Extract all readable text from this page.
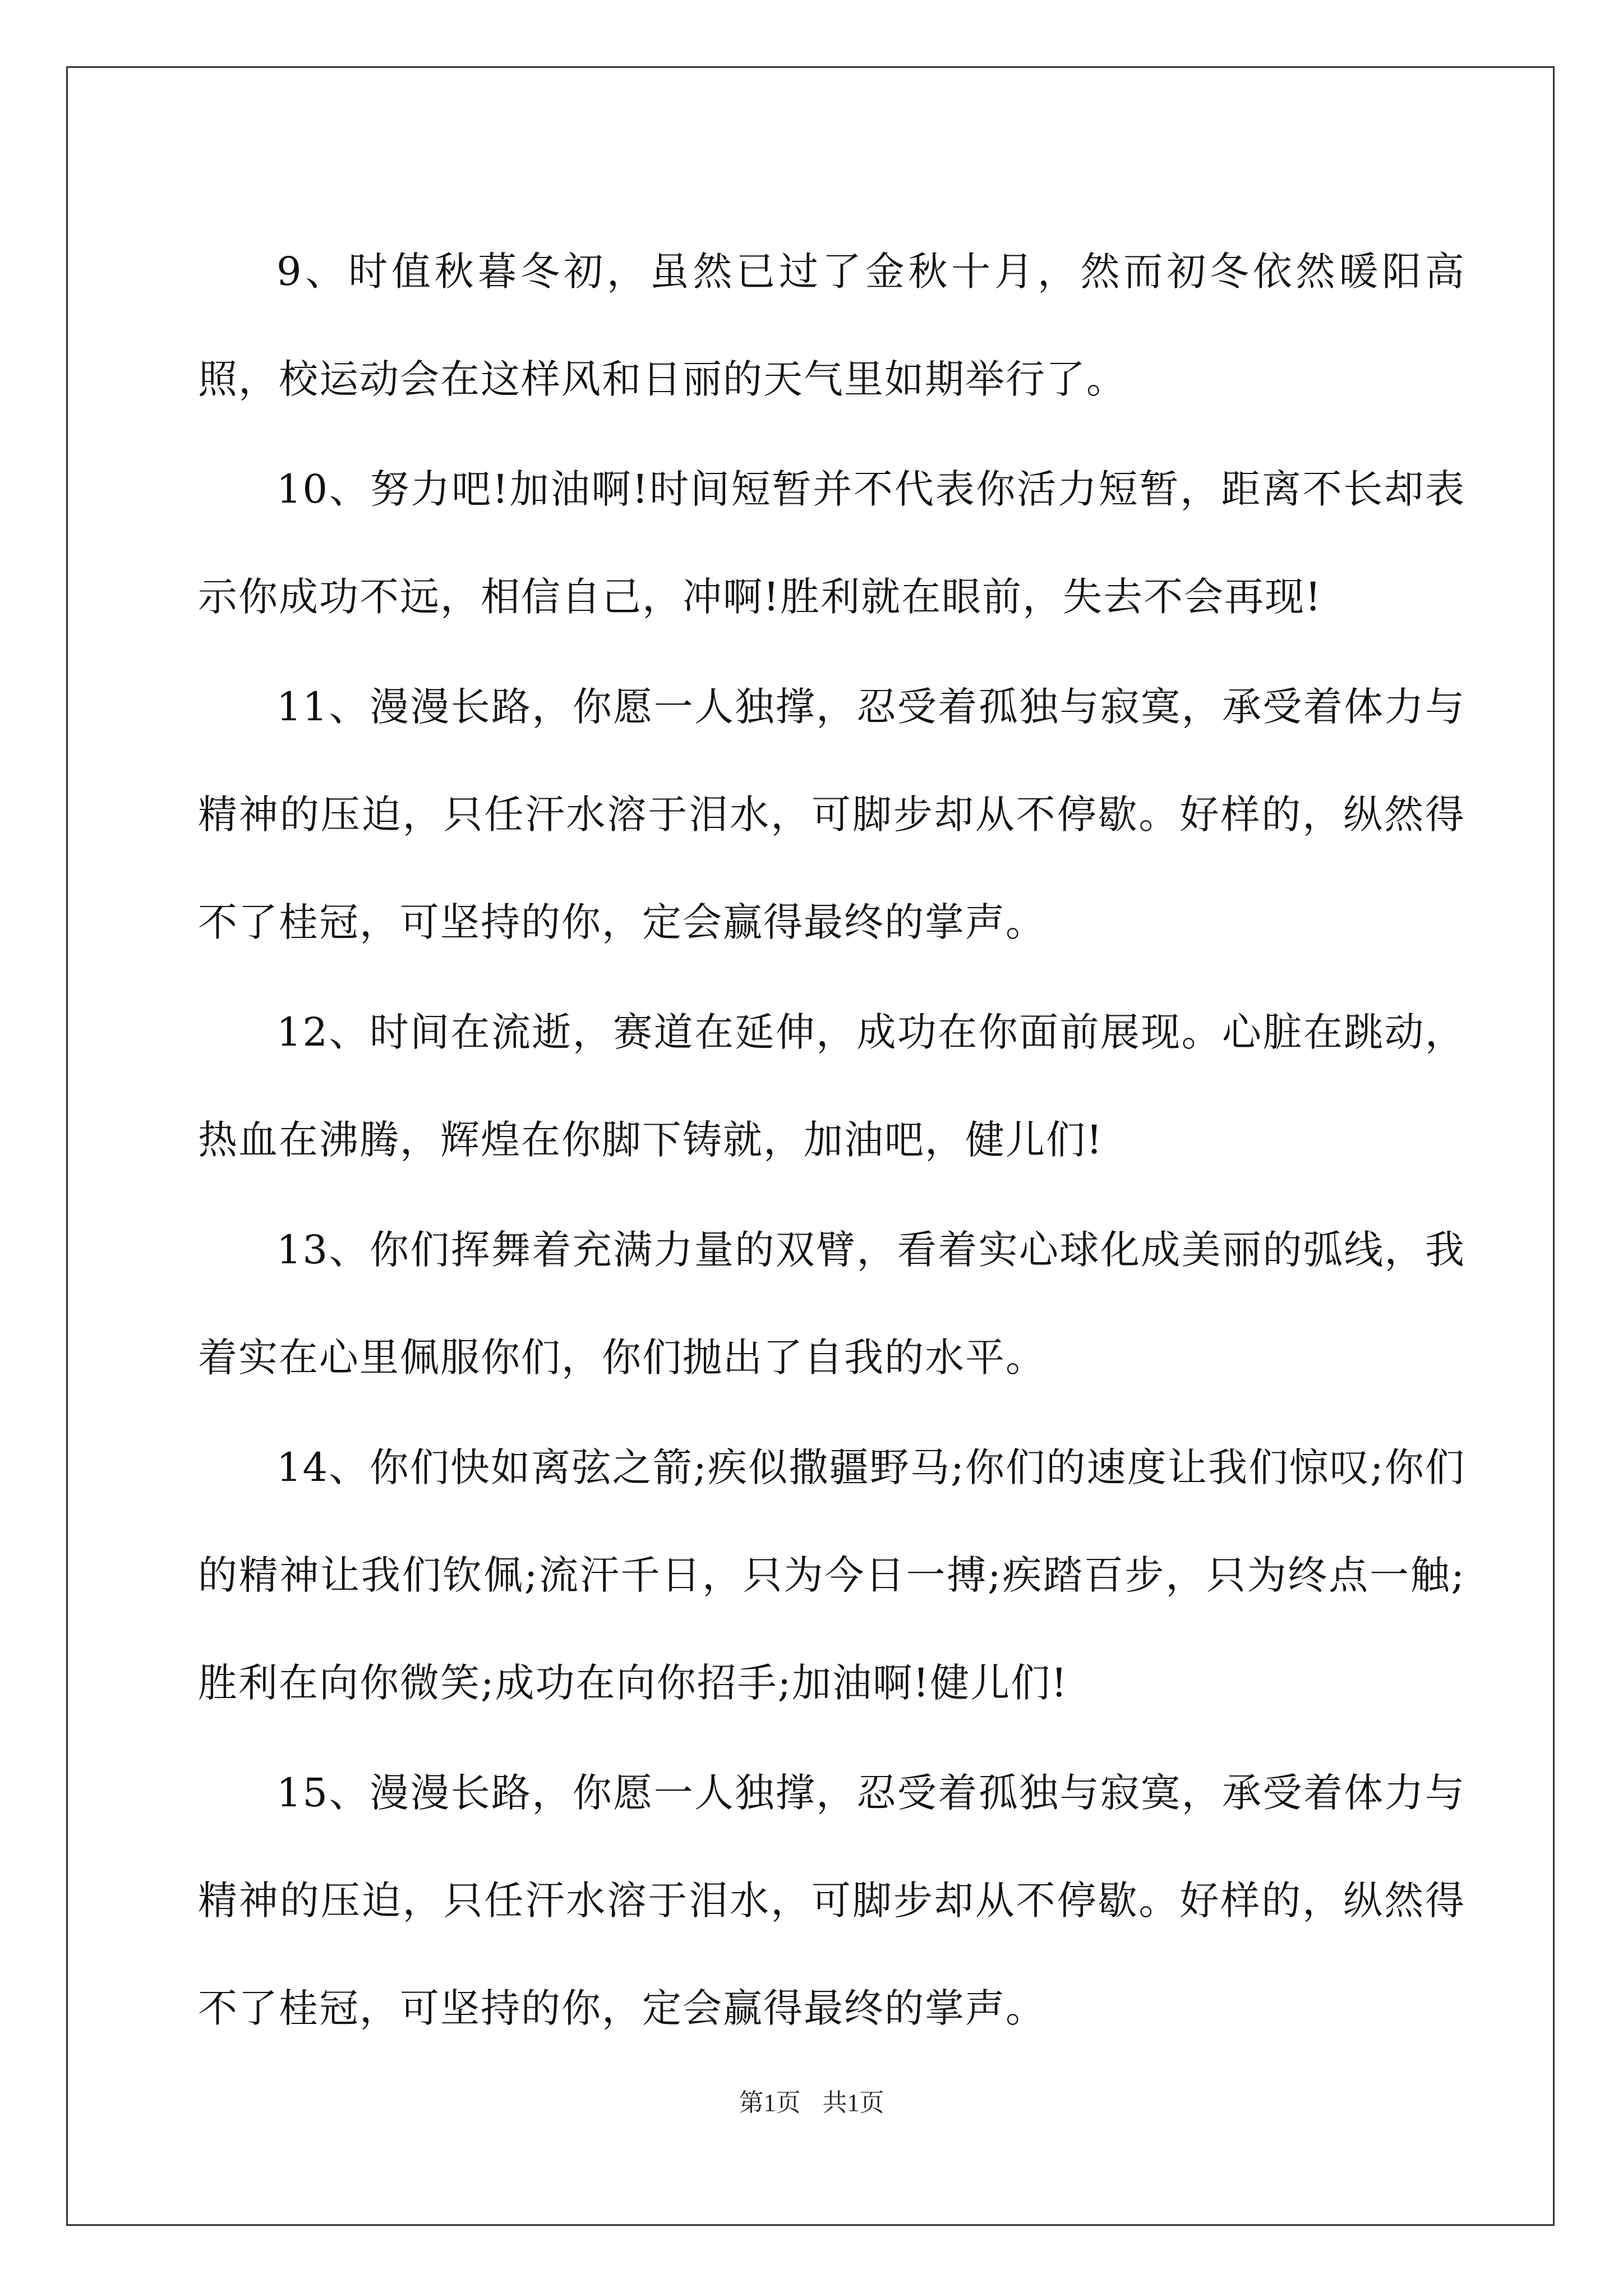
9、时值秋暮冬初，虽然已过了金秋十月，然而初冬依然暖阳高照，校运动会在这样风和日丽的天气里如期举行了。

10、努力吧!加油啊!时间短暂并不代表你活力短暂，距离不长却表示你成功不远，相信自己，冲啊!胜利就在眼前，失去不会再现!

11、漫漫长路，你愿一人独撑，忍受着孤独与寂寞，承受着体力与精神的压迫，只任汗水溶于泪水，可脚步却从不停歇。好样的，纵然得不了桂冠，可坚持的你，定会赢得最终的掌声。

12、时间在流逝，赛道在延伸，成功在你面前展现。心脏在跳动，热血在沸腾，辉煌在你脚下铸就，加油吧，健儿们!

13、你们挥舞着充满力量的双臂，看着实心球化成美丽的弧线，我着实在心里佩服你们，你们抛出了自我的水平。

14、你们快如离弦之箭;疾似撒疆野马;你们的速度让我们惊叹;你们的精神让我们钦佩;流汗千日，只为今日一搏;疾踏百步，只为终点一触;胜利在向你微笑;成功在向你招手;加油啊!健儿们!

15、漫漫长路，你愿一人独撑，忍受着孤独与寂寞，承受着体力与精神的压迫，只任汗水溶于泪水，可脚步却从不停歇。好样的，纵然得不了桂冠，可坚持的你，定会赢得最终的掌声。

第1页 共1页
